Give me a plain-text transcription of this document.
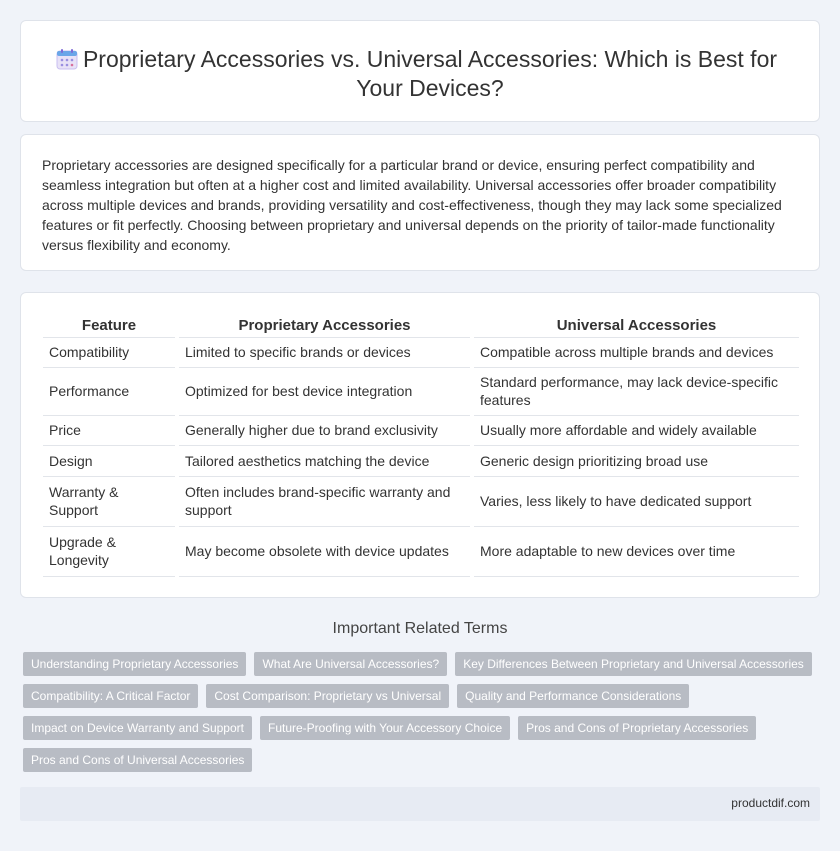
Proprietary Accessories vs. Universal Accessories: Which is Best for Your Devices?

Proprietary accessories are designed specifically for a particular brand or device, ensuring perfect compatibility and seamless integration but often at a higher cost and limited availability. Universal accessories offer broader compatibility across multiple devices and brands, providing versatility and cost-effectiveness, though they may lack some specialized features or fit perfectly. Choosing between proprietary and universal depends on the priority of tailor-made functionality versus flexibility and economy.

Feature	Proprietary Accessories	Universal Accessories
Compatibility	Limited to specific brands or devices	Compatible across multiple brands and devices
Performance	Optimized for best device integration	Standard performance, may lack device-specific features
Price	Generally higher due to brand exclusivity	Usually more affordable and widely available
Design	Tailored aesthetics matching the device	Generic design prioritizing broad use
Warranty & Support	Often includes brand-specific warranty and support	Varies, less likely to have dedicated support
Upgrade & Longevity	May become obsolete with device updates	More adaptable to new devices over time
Important Related Terms
Understanding Proprietary Accessories	What Are Universal Accessories?	Key Differences Between Proprietary and Universal Accessories
Compatibility: A Critical Factor	Cost Comparison: Proprietary vs Universal	Quality and Performance Considerations
Impact on Device Warranty and Support	Future-Proofing with Your Accessory Choice	Pros and Cons of Proprietary Accessories
Pros and Cons of Universal Accessories
productdif.com
